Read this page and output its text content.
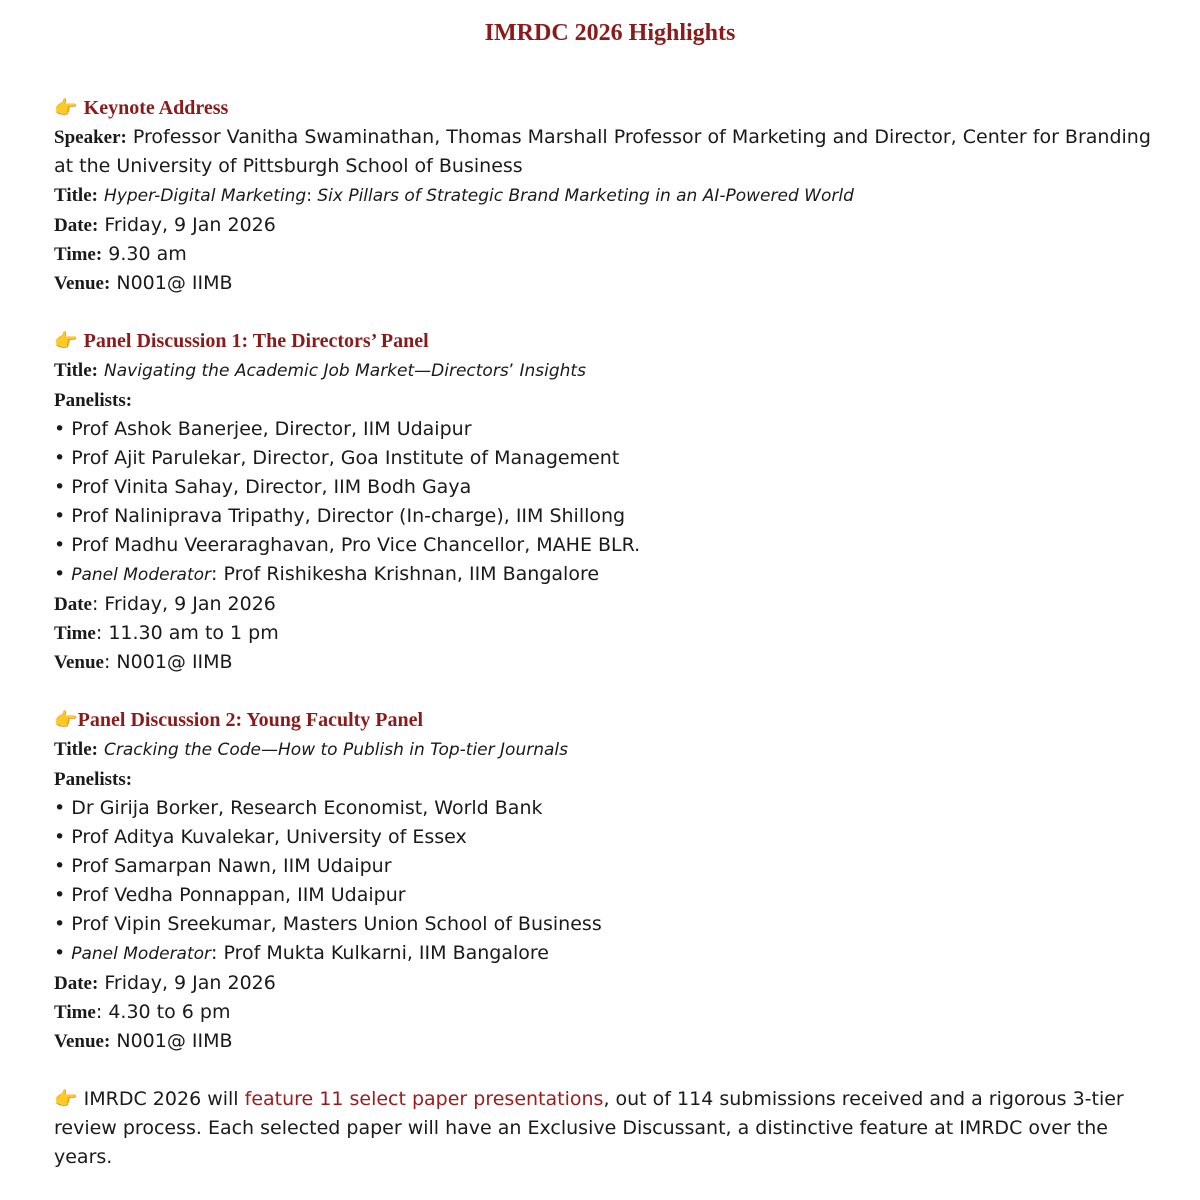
IMRDC 2026 Highlights
👉 Keynote Address
Speaker: Professor Vanitha Swaminathan, Thomas Marshall Professor of Marketing and Director, Center for Branding at the University of Pittsburgh School of Business
Title: Hyper-Digital Marketing: Six Pillars of Strategic Brand Marketing in an AI-Powered World
Date: Friday, 9 Jan 2026
Time: 9.30 am
Venue: N001@ IIMB
👉 Panel Discussion 1: The Directors’ Panel
Title: Navigating the Academic Job Market—Directors’ Insights
Panelists:
• Prof Ashok Banerjee, Director, IIM Udaipur
• Prof Ajit Parulekar, Director, Goa Institute of Management
• Prof Vinita Sahay, Director, IIM Bodh Gaya
• Prof Naliniprava Tripathy, Director (In-charge), IIM Shillong
• Prof Madhu Veeraraghavan, Pro Vice Chancellor, MAHE BLR.
• Panel Moderator: Prof Rishikesha Krishnan, IIM Bangalore
Date: Friday, 9 Jan 2026
Time: 11.30 am to 1 pm
Venue: N001@ IIMB
👉Panel Discussion 2: Young Faculty Panel
Title: Cracking the Code—How to Publish in Top-tier Journals
Panelists:
• Dr Girija Borker, Research Economist, World Bank
• Prof Aditya Kuvalekar, University of Essex
• Prof Samarpan Nawn, IIM Udaipur
• Prof Vedha Ponnappan, IIM Udaipur
• Prof Vipin Sreekumar, Masters Union School of Business
• Panel Moderator: Prof Mukta Kulkarni, IIM Bangalore
Date: Friday, 9 Jan 2026
Time: 4.30 to 6 pm
Venue: N001@ IIMB
👉 IMRDC 2026 will feature 11 select paper presentations, out of 114 submissions received and a rigorous 3-tier review process. Each selected paper will have an Exclusive Discussant, a distinctive feature at IMRDC over the years.
